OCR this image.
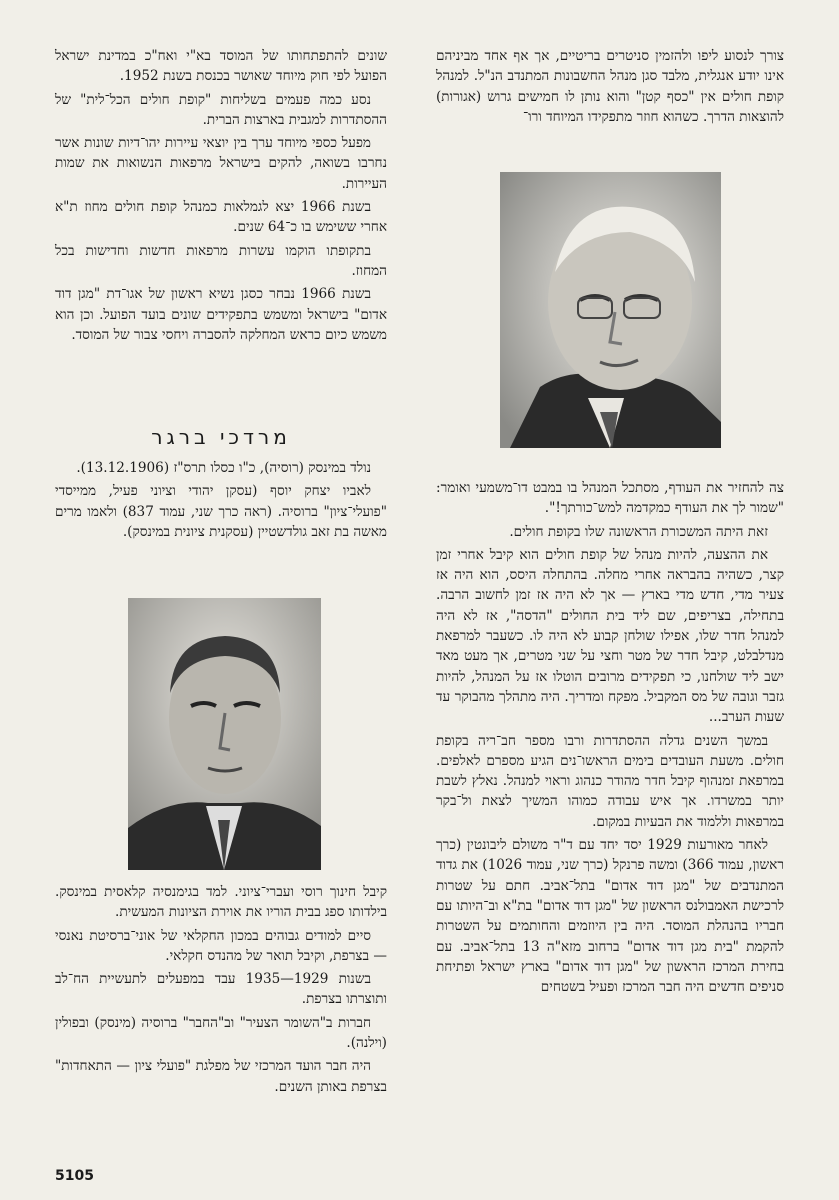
צורך לנסוע ליפו ולהזמין סניטרים בריטיים, אך אף אחד מביניהם אינו יודע אנגלית, מלבד סגן מנהל החשבונות המתנדב הנ"ל. למנהל קופת חולים אין "כסף קטן" והוא נותן לו חמישים גרוש (אגורות) להוצאות הדרך. כשהוא חוזר מתפקידו המיוחד ורו־

צה להחזיר את העודף, מסתכל המנהל בו במבט דו־משמעי ואומר: "שמור לך את העודף כמקדמה למש־כורתך!".

זאת היתה המשכורת הראשונה שלו בקופת חולים.

את ההצעה, להיות מנהל של קופת חולים הוא קיבל אחרי זמן קצר, כשהיה בהבראה אחרי מחלה. בהתחלה היסס, הוא היה אז צעיר מדי, חדש מדי בארץ — אך לא היה אז זמן לחשוב הרבה. בתחילה, בצריפים, שם ליד בית החולים "הדסה", אז לא היה למנהל חדר שלו, אפילו שולחן קבוע לא היה לו. כשעבר למרפאת מנדלבלט, קיבל חדר של מטר וחצי על שני מטרים, אך מעט מאד ישב ליד שולחנו, כי תפקידים מרובים הוטלו אז על המנהל, להיות גזבר וגובה של מס המקביל. מפקח ומדריך. היה מתהלך מהבוקר עד שעות הערב...

במשך השנים גדלה ההסתדרות ורבו מספר חב־ריה בקופת חולים. משעת העובדים בימים הראשו־נים הגיע מספרם לאלפים. במרפאת זמנהוף קיבל חדר מהודר כנהוג וראוי למנהל. נאלץ לשבת יותר במשרדו. אך איש עבודה כמוהו המשיך לצאת ול־בקר במרפאות וללמוד את הבעיות במקום.

לאחר מאורעות 1929 יסד יחד עם ד"ר משולם ליבונטין (כרך ראשון, עמוד 366) ומשה פרנקל (כרך שני, עמוד 1026) את גדוד המתנדבים של "מגן דוד אדום" בתל־אביב. חתם על שטרות לרכישת האמבולנס הראשון של "מגן דוד אדום" בת"א וב־היותו עם חבריו בהנהלת המוסד. היה בין היוזמים והחותמים על השטרות להקמת "בית מגן דוד אדום" ברחוב מזא"ה 13 בתל־אביב. עם בחירת המרכז הראשון של "מגן דוד אדום" בארץ ישראל ופתיחת סניפים חדשים היה חבר המרכז ופעיל בשטחים

שונים להתפתחותו של המוסד בא"י ואח"כ במדינת ישראל הפועל לפי חוק מיוחד שאושר בכנסת בשנת 1952.

נסע כמה פעמים בשליחות "קופת חולים הכל־לית" של ההסתדרות למגבית בארצות הברית.

מפעל כספי מיוחד ערך בין יוצאי עיירות יהו־דיות שונות אשר נחרבו בשואה, להקים בישראל מרפאות הנשואות את שמות העיירות.

בשנת 1966 יצא לגמלאות כמנהל קופת חולים מחוז ת"א אחרי ששימש בו כ־64 שנים.

בתקופתו הוקמו עשרות מרפאות חדשות וחדישות בכל המחוז.

בשנת 1966 נבחר כסגן נשיא ראשון של אגו־דת "מגן דוד אדום" בישראל ומשמש בתפקידים שונים בועד הפועל. וכן הוא משמש כיום כראש המחלקה להסברה ויחסי צבור של המוסד.

מרדכי ברגר

נולד במינסק (רוסיה), כ"ו כסלו תרס"ז (13.12.1906).

לאביו יצחק יוסף (עסקן יהודי וציוני פעיל, ממייסדי "פועלי־ציון" ברוסיה. (ראה כרך שני, עמוד 837) ולאמו מרים מאשה בת זאב גולדשטיין (עסקנית ציונית במינסק).

קיבל חינוך רוסי ועברי־ציוני. למד בגימנסיה קלאסית במינסק. בילדותו ספג בבית הוריו את אוירת הציונות המעשית.

סיים למודים גבוהים במכון החקלאי של אוני־ברסיטת נאנסי — בצרפת, וקיבל תואר של מהנדס חקלאי.

בשנות 1929—1935 עבד במפעלים לתעשיית הח־לב ותוצרתו בצרפת.

חברות ב"השומר הצעיר" וב"החבר" ברוסיה (מינסק) ובפולין (וילנה).

היה חבר הועד המרכזי של מפלגת "פועלי ציון — התאחדות" בצרפת באותן השנים.

5105
